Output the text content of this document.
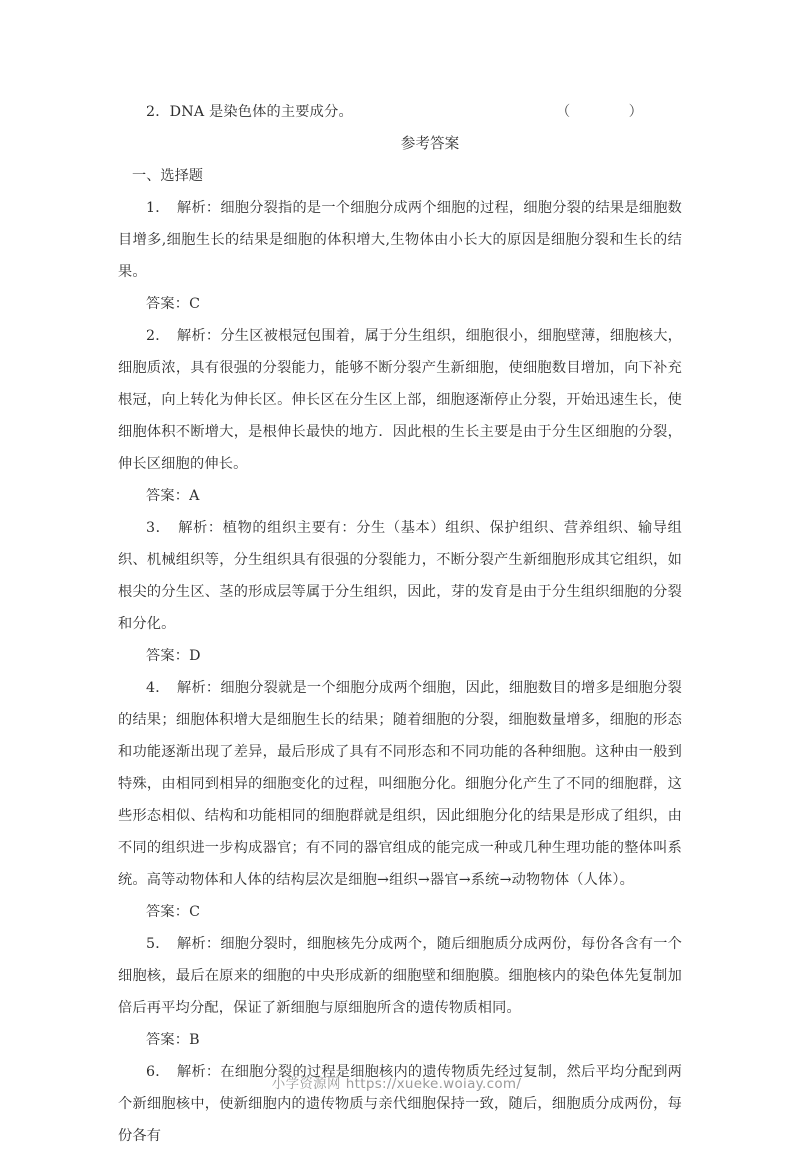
2．DNA 是染色体的主要成分。	（　　）
参考答案
一、选择题
1．　 解析：细胞分裂指的是一个细胞分成两个细胞的过程，细胞分裂的结果是细胞数目增多,细胞生长的结果是细胞的体积增大,生物体由小长大的原因是细胞分裂和生长的结果。
答案：C
2．　 解析：分生区被根冠包围着，属于分生组织，细胞很小，细胞壁薄，细胞核大，细胞质浓，具有很强的分裂能力，能够不断分裂产生新细胞，使细胞数目增加，向下补充根冠，向上转化为伸长区。伸长区在分生区上部，细胞逐渐停止分裂，开始迅速生长，使细胞体积不断增大，是根伸长最快的地方．因此根的生长主要是由于分生区细胞的分裂，伸长区细胞的伸长。
答案：A
3．　 解析：植物的组织主要有：分生（基本）组织、保护组织、营养组织、输导组织、机械组织等，分生组织具有很强的分裂能力，不断分裂产生新细胞形成其它组织，如根尖的分生区、茎的形成层等属于分生组织，因此，芽的发育是由于分生组织细胞的分裂和分化。
答案：D
4．　 解析：细胞分裂就是一个细胞分成两个细胞，因此，细胞数目的增多是细胞分裂的结果；细胞体积增大是细胞生长的结果；随着细胞的分裂，细胞数量增多，细胞的形态和功能逐渐出现了差异，最后形成了具有不同形态和不同功能的各种细胞。这种由一般到特殊，由相同到相异的细胞变化的过程，叫细胞分化。细胞分化产生了不同的细胞群，这些形态相似、结构和功能相同的细胞群就是组织，因此细胞分化的结果是形成了组织，由不同的组织进一步构成器官；有不同的器官组成的能完成一种或几种生理功能的整体叫系统。高等动物体和人体的结构层次是细胞→组织→器官→系统→动物物体（人体）。
答案：C
5．　 解析：细胞分裂时，细胞核先分成两个，随后细胞质分成两份，每份各含有一个细胞核，最后在原来的细胞的中央形成新的细胞壁和细胞膜。细胞核内的染色体先复制加倍后再平均分配，保证了新细胞与原细胞所含的遗传物质相同。
答案：B
6．　 解析：在细胞分裂的过程是细胞核内的遗传物质先经过复制，然后平均分配到两个新细胞核中，使新细胞内的遗传物质与亲代细胞保持一致，随后，细胞质分成两份，每份各有
小学资源网 https://xueke.woiay.com/
